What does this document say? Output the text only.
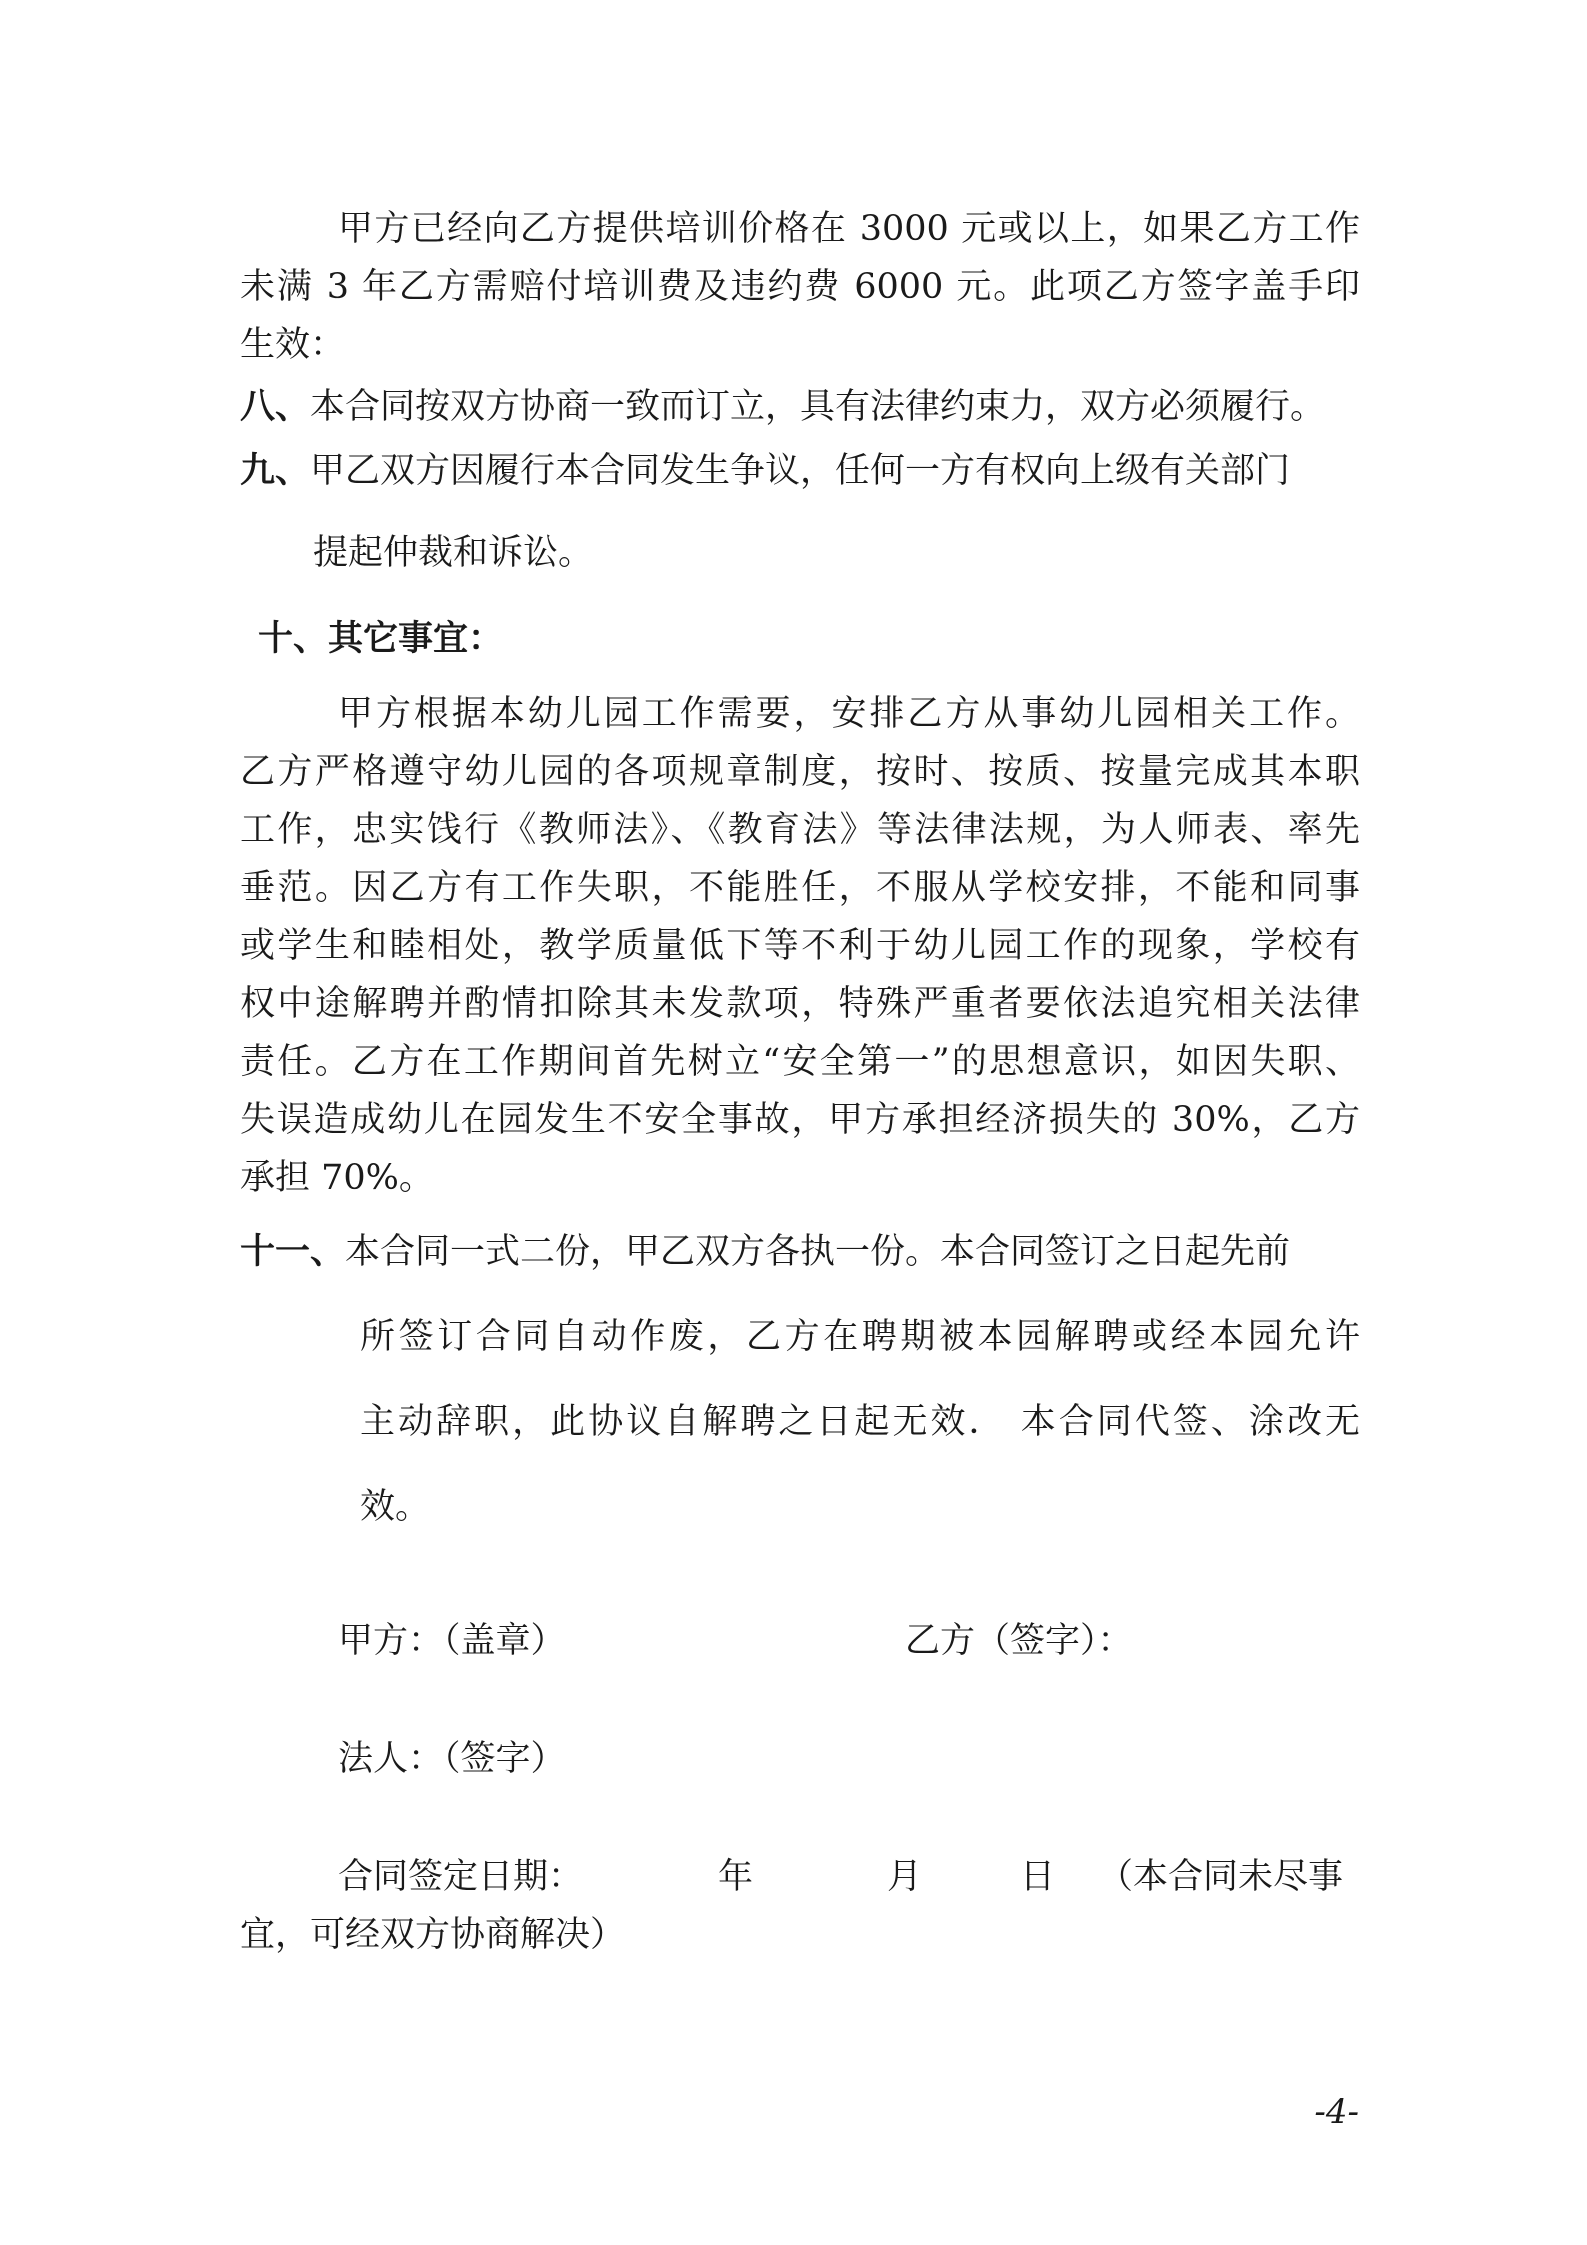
甲方已经向乙方提供培训价格在 3000 元或以上，如果乙方工作
未满 3 年乙方需赔付培训费及违约费 6000 元。此项乙方签字盖手印
生效：
八、本合同按双方协商一致而订立，具有法律约束力，双方必须履行。
九、甲乙双方因履行本合同发生争议，任何一方有权向上级有关部门
提起仲裁和诉讼。
十、其它事宜：
甲方根据本幼儿园工作需要，安排乙方从事幼儿园相关工作。
乙方严格遵守幼儿园的各项规章制度，按时、按质、按量完成其本职
工作，忠实饯行《教师法》、《教育法》等法律法规，为人师表、率先
垂范。因乙方有工作失职，不能胜任，不服从学校安排，不能和同事
或学生和睦相处，教学质量低下等不利于幼儿园工作的现象，学校有
权中途解聘并酌情扣除其未发款项，特殊严重者要依法追究相关法律
责任。乙方在工作期间首先树立“安全第一”的思想意识，如因失职、
失误造成幼儿在园发生不安全事故，甲方承担经济损失的 30%，乙方
承担 70%。
十一、本合同一式二份，甲乙双方各执一份。本合同签订之日起先前
所签订合同自动作废，乙方在聘期被本园解聘或经本园允许
主动辞职，此协议自解聘之日起无效． 本合同代签、涂改无
效。
甲方：（盖章）	乙方（签字）：
法人：（签字）
合同签定日期：	年	月	日	（本合同未尽事
宜，可经双方协商解决）
-4-
